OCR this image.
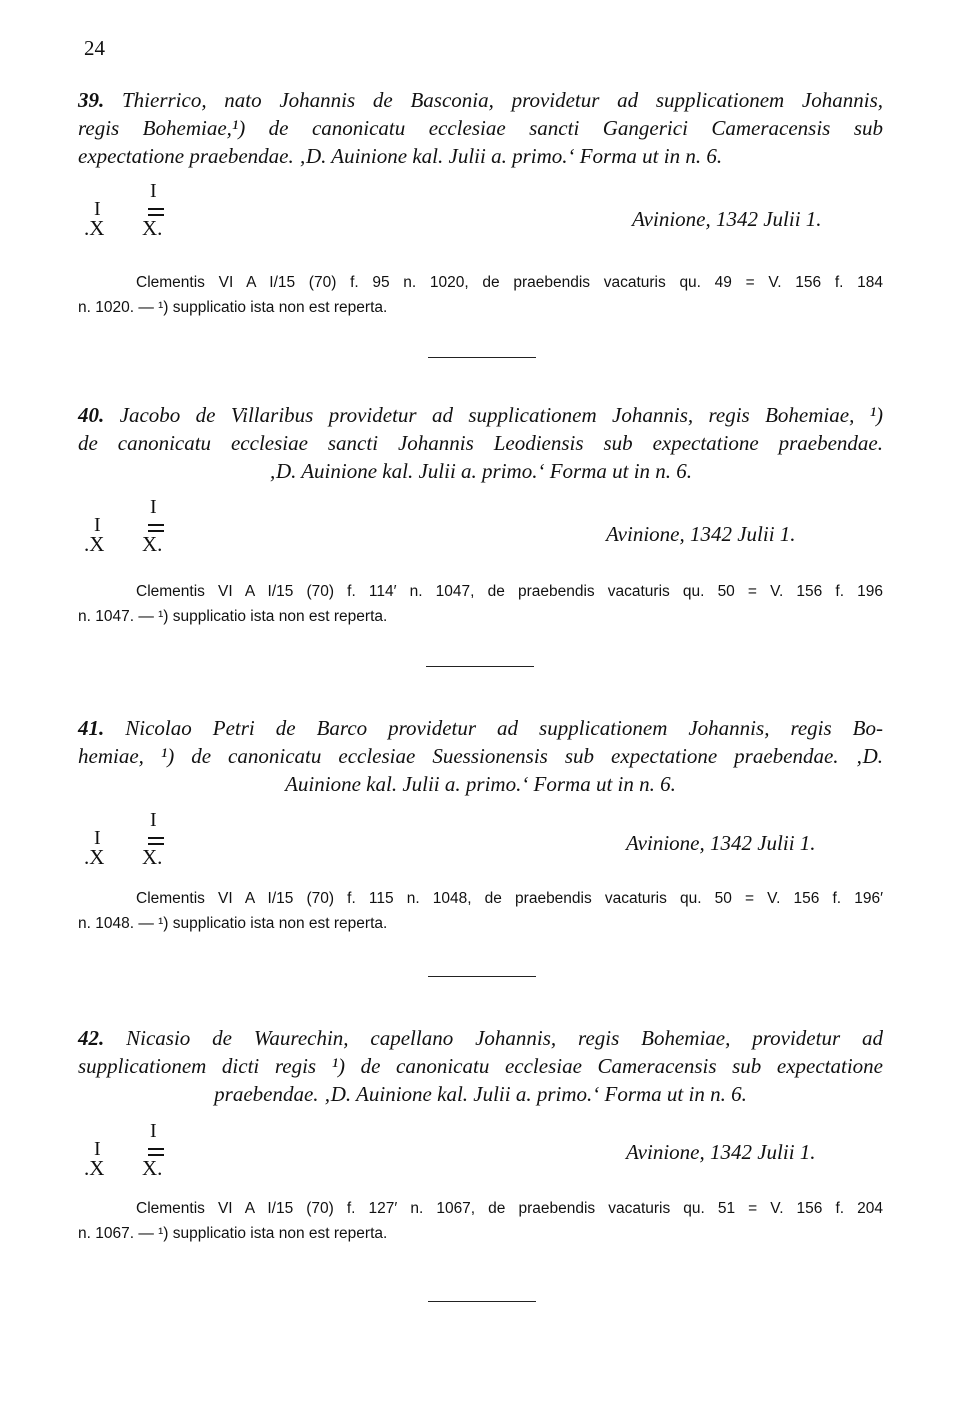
24

39. Thierrico, nato Johannis de Basconia, providetur ad supplicationem Johannis,
regis Bohemiae,¹) de canonicatu ecclesiae sancti Gangerici Cameracensis sub
expectatione praebendae. ‚D. Auinione kal. Julii a. primo.‘ Forma ut in n. 6.

I
I
.X X.	Avinione, 1342 Julii 1.

Clementis VI A I/15 (70) f. 95 n. 1020, de praebendis vacaturis qu. 49 = V. 156 f. 184
n. 1020. — ¹) supplicatio ista non est reperta.

40. Jacobo de Villaribus providetur ad supplicationem Johannis, regis Bohemiae, ¹)
de canonicatu ecclesiae sancti Johannis Leodiensis sub expectatione praebendae.
‚D. Auinione kal. Julii a. primo.‘ Forma ut in n. 6.

I
I
.X X.	Avinione, 1342 Julii 1.

Clementis VI A I/15 (70) f. 114′ n. 1047, de praebendis vacaturis qu. 50 = V. 156 f. 196
n. 1047. — ¹) supplicatio ista non est reperta.

41. Nicolao Petri de Barco providetur ad supplicationem Johannis, regis Bo-
hemiae, ¹) de canonicatu ecclesiae Suessionensis sub expectatione praebendae. ‚D.
Auinione kal. Julii a. primo.‘ Forma ut in n. 6.

I
I
.X X.
Avinione, 1342 Julii 1.

Clementis VI A I/15 (70) f. 115 n. 1048, de praebendis vacaturis qu. 50 = V. 156 f. 196′
n. 1048. — ¹) supplicatio ista non est reperta.

42. Nicasio de Waurechin, capellano Johannis, regis Bohemiae, providetur ad
supplicationem dicti regis ¹) de canonicatu ecclesiae Cameracensis sub expectatione
praebendae. ‚D. Auinione kal. Julii a. primo.‘ Forma ut in n. 6.

I
I
.X X.
Avinione, 1342 Julii 1.

Clementis VI A I/15 (70) f. 127′ n. 1067, de praebendis vacaturis qu. 51 = V. 156 f. 204
n. 1067. — ¹) supplicatio ista non est reperta.
